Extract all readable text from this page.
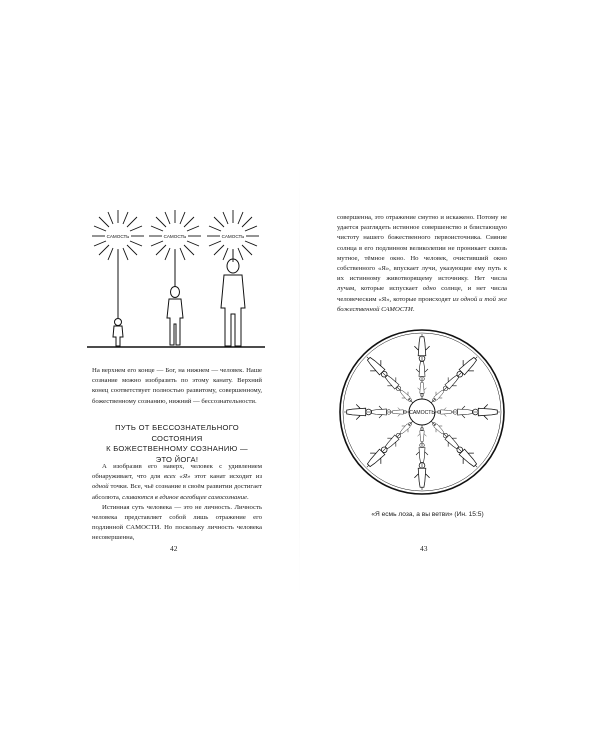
САМОСТЬ	САМОСТЬ	САМОСТЬ

На верхнем его конце — Бог, на нижнем — человек. Наше сознание можно изобразить по этому канату. Верхний конец соответствует полностью развитому, совершенному, божественному сознанию, нижний — бессознательности.

ПУТЬ ОТ БЕССОЗНАТЕЛЬНОГО СОСТОЯНИЯ
К БОЖЕСТВЕННОМУ СОЗНАНИЮ —
ЭТО ЙОГА!

А изобразив его наверх, человек с удивлением обнаруживает, что для всех «Я» этот канат исходит из одной точки. Все, чьё сознание в своём развитии достигает абсолюта, сливаются в единое всеобщее самосознание.

Истинная суть человека — это не личность. Личность человека представляет собой лишь отражение его подлинной САМОСТИ. Но поскольку личность человека несовершенна,

42

совершенна, это отражение смутно и искажено. Потому не удается разглядеть истинное совершенство и блистающую чистоту нашего божественного первоисточника. Сияние солнца в его подлинном великолепии не проникает сквозь мутное, тёмное окно. Но человек, очистивший окно собственного «Я», впускает лучи, указующие ему путь к их истинному животворящему источнику. Нет числа лучам, которые испускает одно солнце, и нет числа человеческим «Я», которые происходят из одной и той же божественной САМОСТИ.

САМОСТЬ
«Я есмь лоза, а вы ветви» (Ин. 15:5)
43
